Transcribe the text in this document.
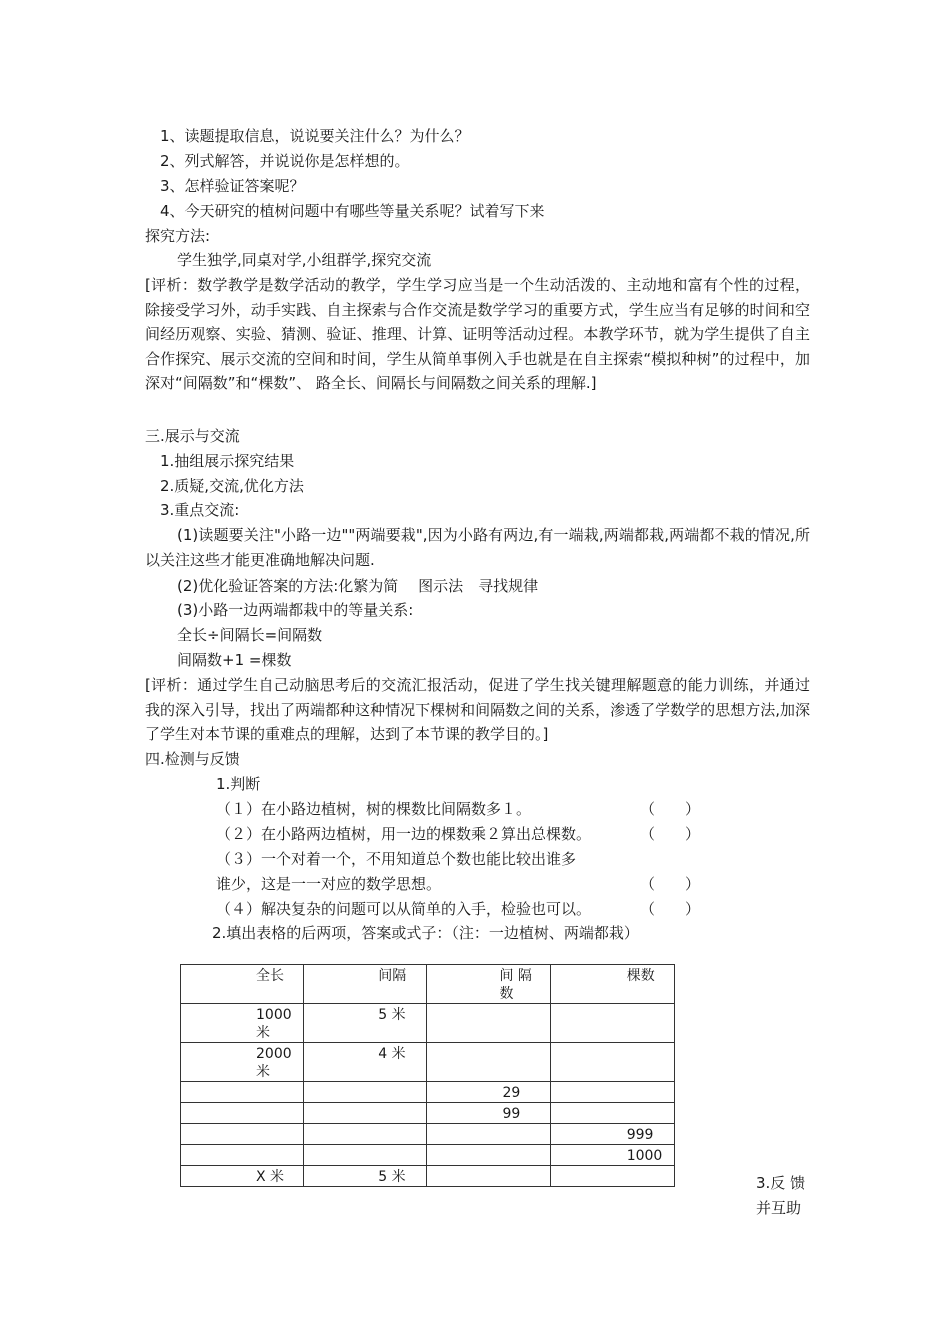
1、读题提取信息，说说要关注什么？为什么？
2、列式解答，并说说你是怎样想的。
3、怎样验证答案呢？
4、今天研究的植树问题中有哪些等量关系呢？试着写下来
探究方法:
学生独学,同桌对学,小组群学,探究交流
[评析：数学教学是数学活动的教学，学生学习应当是一个生动活泼的、主动地和富有个性的过程，除接受学习外，动手实践、自主探索与合作交流是数学学习的重要方式，学生应当有足够的时间和空间经历观察、实验、猜测、验证、推理、计算、证明等活动过程。本教学环节，就为学生提供了自主合作探究、展示交流的空间和时间，学生从简单事例入手也就是在自主探索“模拟种树”的过程中，加深对“间隔数”和“棵数”、 路全长、间隔长与间隔数之间关系的理解.]
三.展示与交流
1.抽组展示探究结果
2.质疑,交流,优化方法
3.重点交流:
(1)读题要关注"小路一边""两端要栽",因为小路有两边,有一端栽,两端都栽,两端都不栽的情况,所以关注这些才能更准确地解决问题.
(2)优化验证答案的方法:化繁为简　 图示法　寻找规律
(3)小路一边两端都栽中的等量关系:
全长÷间隔长=间隔数
间隔数+1 =棵数
[评析：通过学生自己动脑思考后的交流汇报活动，促进了学生找关键理解题意的能力训练，并通过我的深入引导，找出了两端都种这种情况下棵树和间隔数之间的关系，渗透了学数学的思想方法,加深了学生对本节课的重难点的理解，达到了本节课的教学目的。]
四.检测与反馈
1.判断
（１）在小路边植树，树的棵数比间隔数多１。	（　　）
（２）在小路两边植树，用一边的棵数乘２算出总棵数。	（　　）
（３）一个对着一个，不用知道总个数也能比较出谁多
谁少，这是一一对应的数学思想。	（　　）
（４）解决复杂的问题可以从简单的入手，检验也可以。	（　　）
2.填出表格的后两项，答案或式子：（注：一边植树、两端都栽）
全长	间隔	间 隔数	棵数
1000米	5 米		
2000米	4 米		
		29	
		99	
			999
			1000
X 米	5 米			3.反 馈并互助
